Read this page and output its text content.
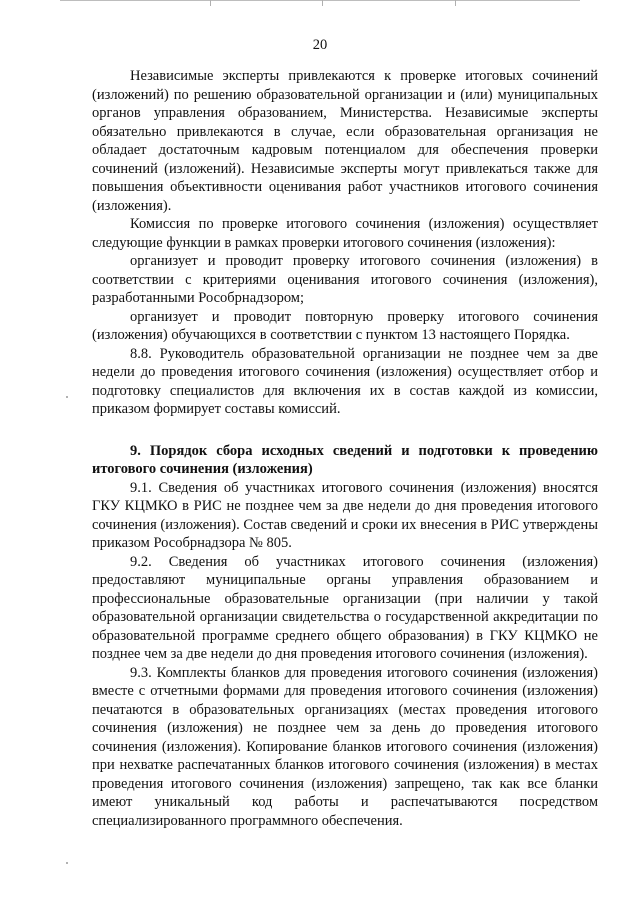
20

Независимые эксперты привлекаются к проверке итоговых сочинений (изложений) по решению образовательной организации и (или) муниципальных органов управления образованием, Министерства. Независимые эксперты обязательно привлекаются в случае, если образовательная организация не обладает достаточным кадровым потенциалом для обеспечения проверки сочинений (изложений). Независимые эксперты могут привлекаться также для повышения объективности оценивания работ участников итогового сочинения (изложения).

Комиссия по проверке итогового сочинения (изложения) осуществляет следующие функции в рамках проверки итогового сочинения (изложения):

организует и проводит проверку итогового сочинения (изложения) в соответствии с критериями оценивания итогового сочинения (изложения), разработанными Рособрнадзором;

организует и проводит повторную проверку итогового сочинения (изложения) обучающихся в соответствии с пунктом 13 настоящего Порядка.

8.8. Руководитель образовательной организации не позднее чем за две недели до проведения итогового сочинения (изложения) осуществляет отбор и подготовку специалистов для включения их в состав каждой из комиссии, приказом формирует составы комиссий.

9. Порядок сбора исходных сведений и подготовки к проведению итогового сочинения (изложения)

9.1. Сведения об участниках итогового сочинения (изложения) вносятся ГКУ КЦМКО в РИС не позднее чем за две недели до дня проведения итогового сочинения (изложения). Состав сведений и сроки их внесения в РИС утверждены приказом Рособрнадзора № 805.

9.2. Сведения об участниках итогового сочинения (изложения) предоставляют муниципальные органы управления образованием и профессиональные образовательные организации (при наличии у такой образовательной организации свидетельства о государственной аккредитации по образовательной программе среднего общего образования) в ГКУ КЦМКО не позднее чем за две недели до дня проведения итогового сочинения (изложения).

9.3. Комплекты бланков для проведения итогового сочинения (изложения) вместе с отчетными формами для проведения итогового сочинения (изложения) печатаются в образовательных организациях (местах проведения итогового сочинения (изложения) не позднее чем за день до проведения итогового сочинения (изложения). Копирование бланков итогового сочинения (изложения) при нехватке распечатанных бланков итогового сочинения (изложения) в местах проведения итогового сочинения (изложения) запрещено, так как все бланки имеют уникальный код работы и распечатываются посредством специализированного программного обеспечения.
